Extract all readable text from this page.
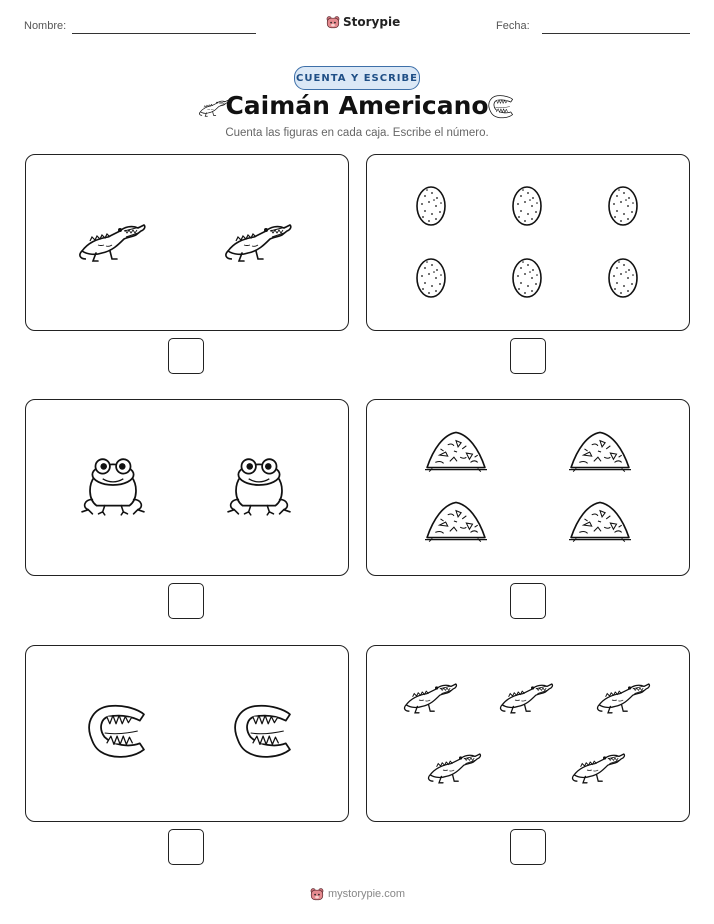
Nombre:	Storypie	Fecha:
CUENTA Y ESCRIBE
Caimán Americano
Cuenta las figuras en cada caja. Escribe el número.
mystorypie.com
